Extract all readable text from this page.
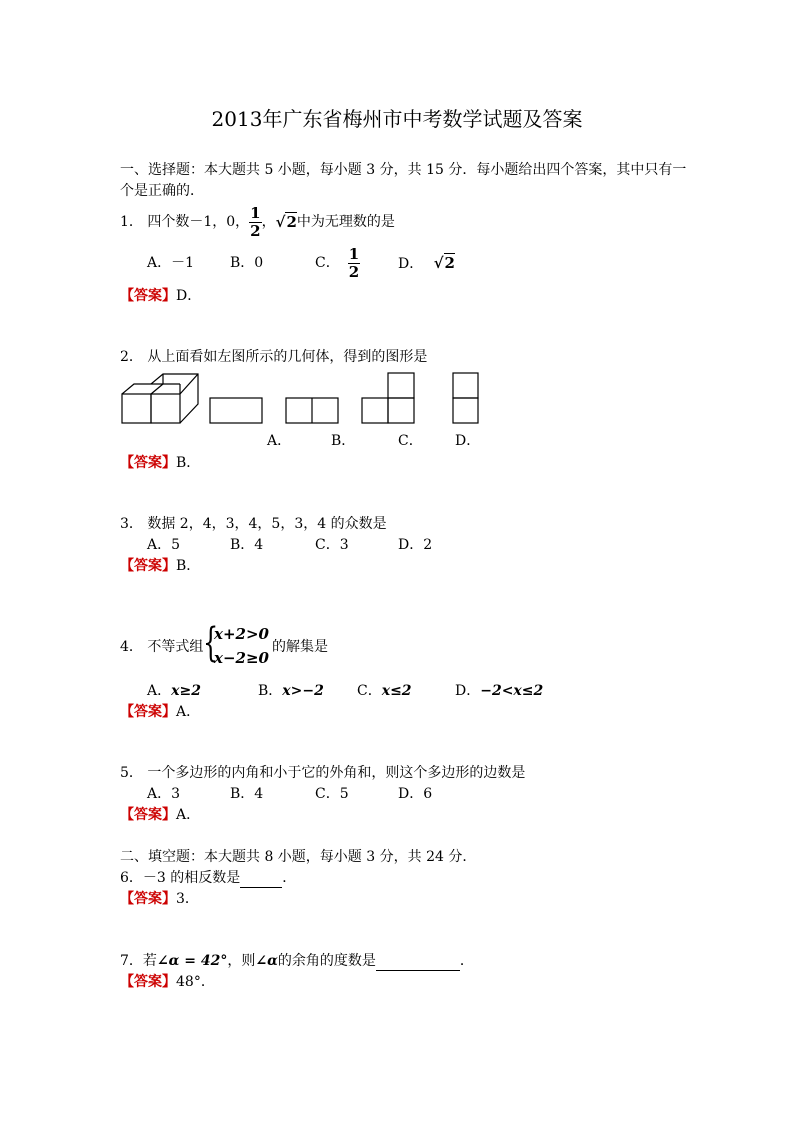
2013年广东省梅州市中考数学试题及答案
一、选择题：本大题共 5 小题，每小题 3 分，共 15 分．每小题给出四个答案，其中只有一
个是正确的．
1． 四个数－1，0， $\frac{1}{2}$ ， √2 中为无理数的是
A．－1	B．0	C． $\frac{1}{2}$	D． √2
【答案】D．
2． 从上面看如左图所示的几何体，得到的图形是
A．	B．	C． D．
【答案】B．
3． 数据 2，4，3，4，5，3，4 的众数是
A．5	B．4	C．3	D．2
【答案】B．
4． 不等式组 {
x+2>0
x−2≥0
的解集是
A．x≥2	B．x>−2 C．x≤2	D．−2<x≤2
【答案】A．
5． 一个多边形的内角和小于它的外角和，则这个多边形的边数是
A．3	B．4	C．5	D．6
【答案】A．
二、填空题：本大题共 8 小题，每小题 3 分，共 24 分．
6．－3 的相反数是	．
【答案】3．
7．若∠α = 42°，则∠α的余角的度数是	．
【答案】48°．
